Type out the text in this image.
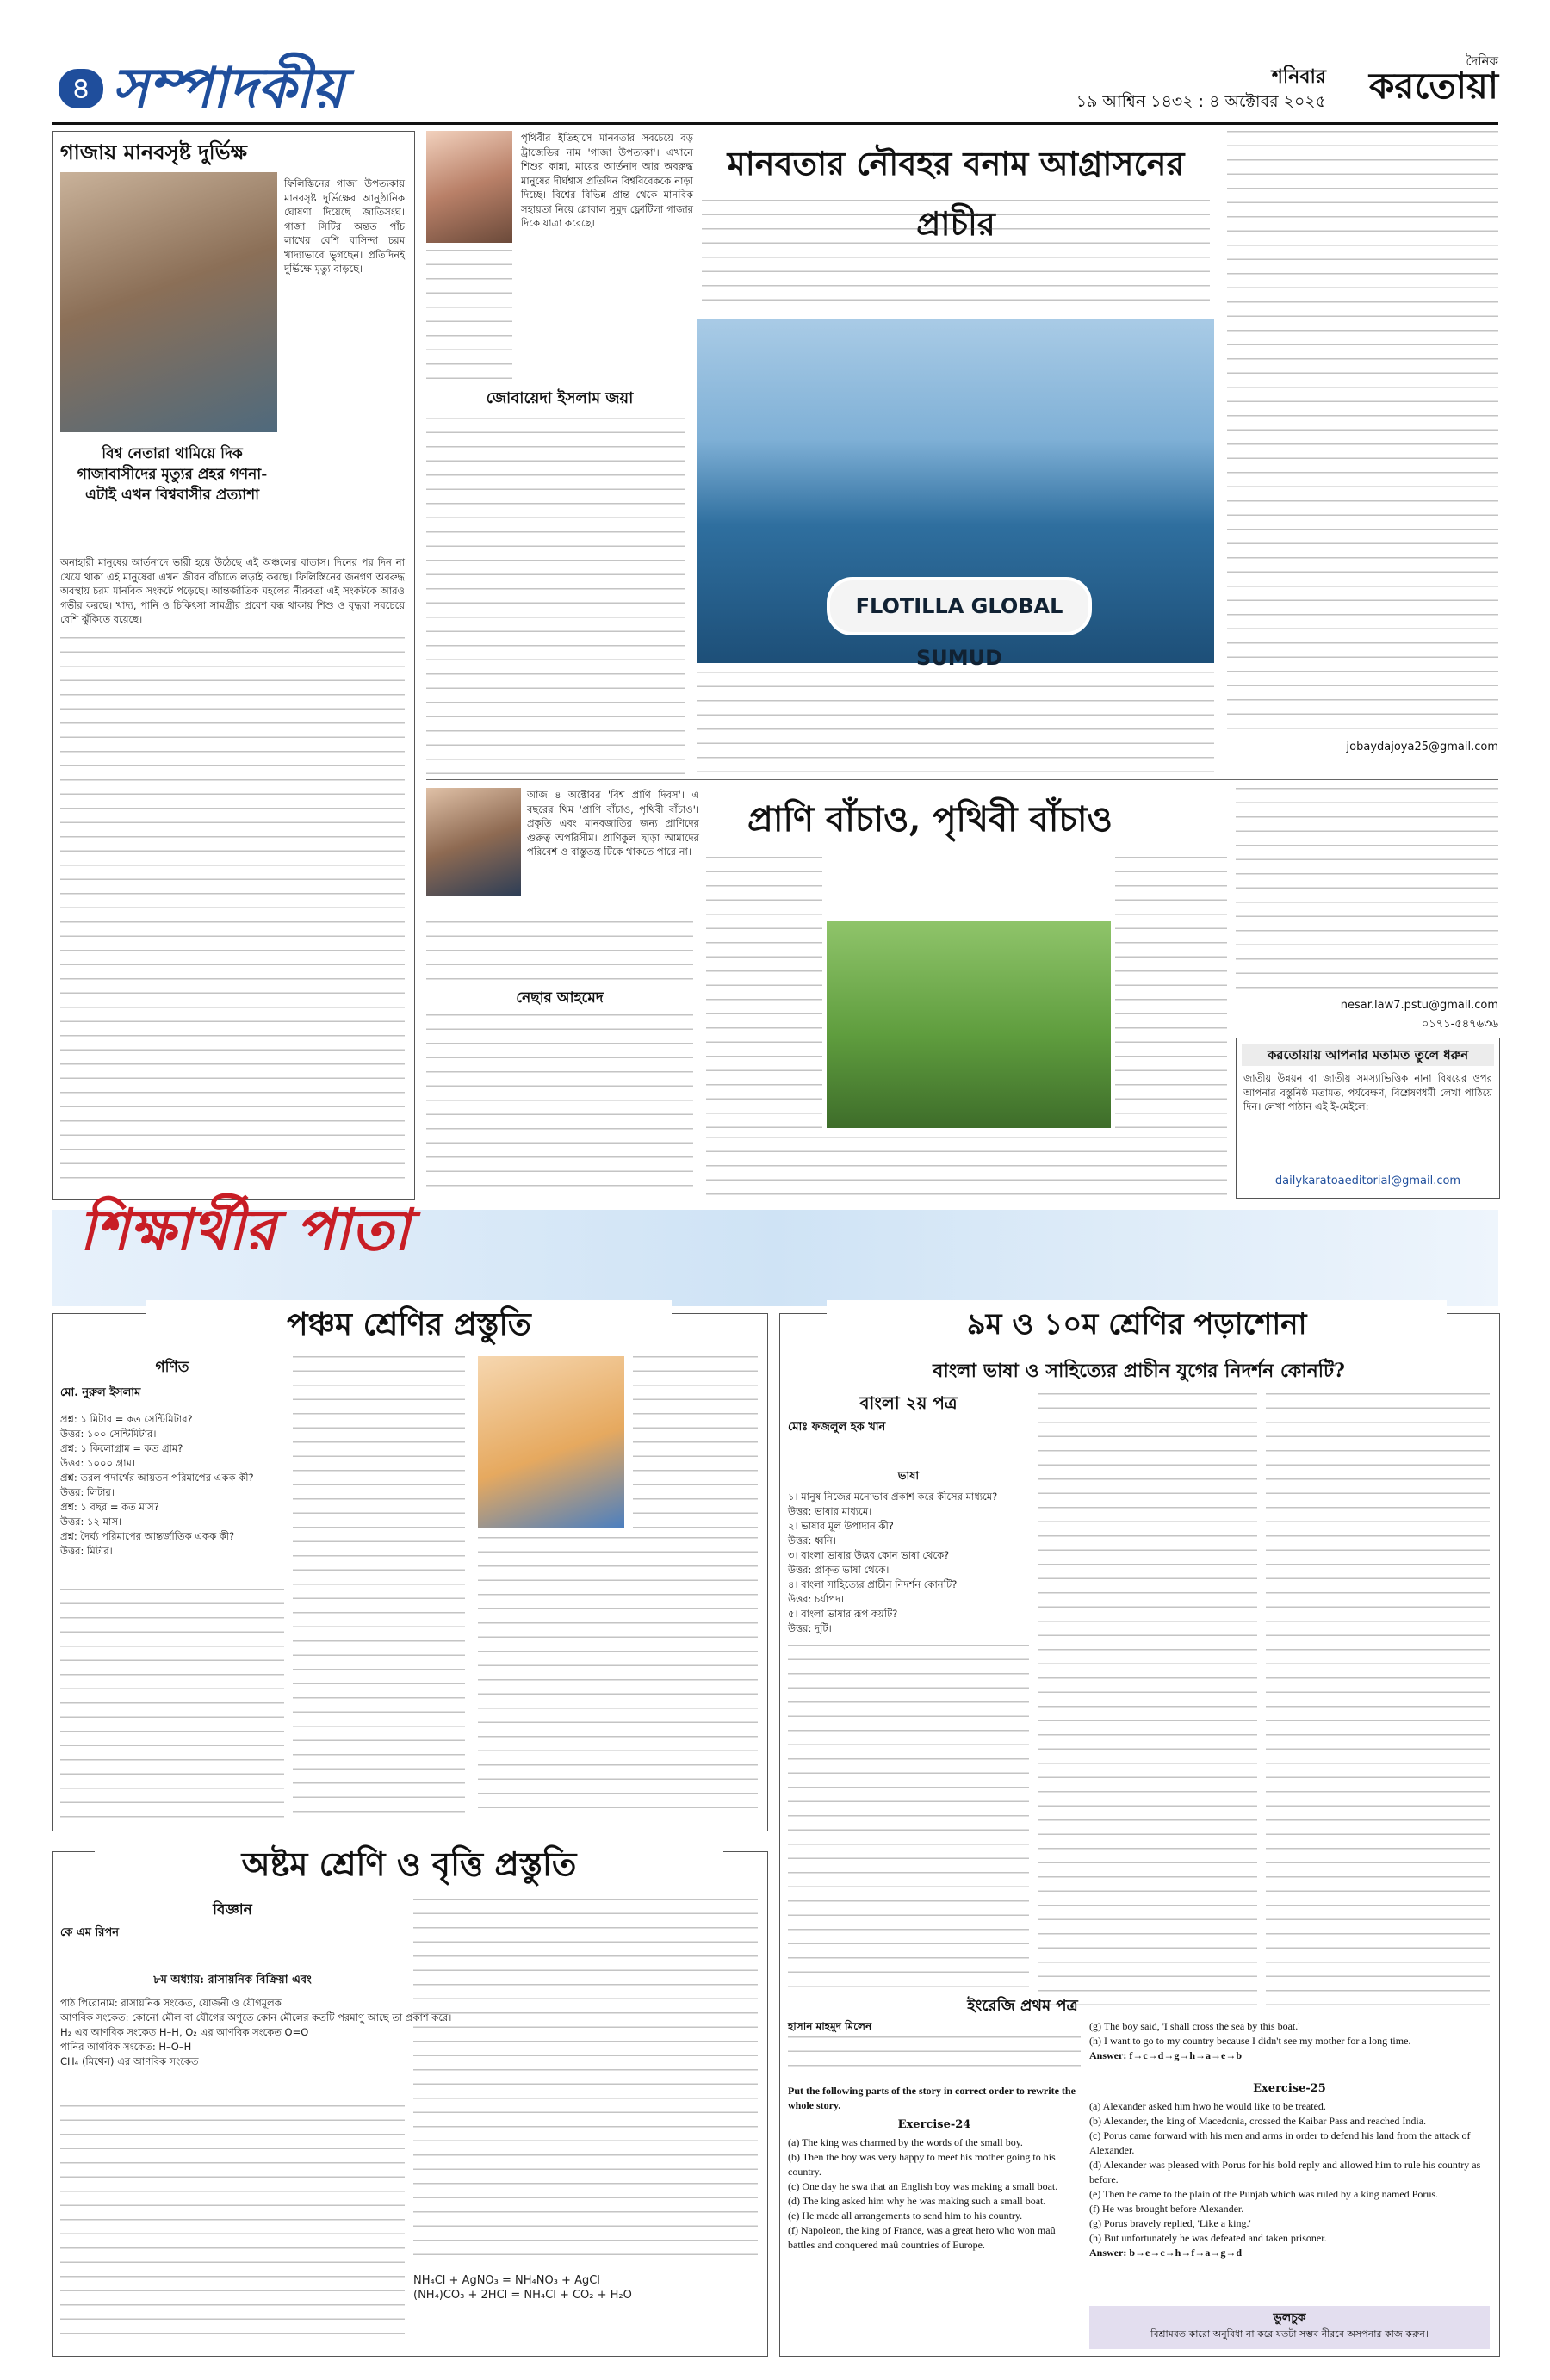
৪ সম্পাদকীয়	শনিবার
১৯ আশ্বিন ১৪৩২ : ৪ অক্টোবর ২০২৫
দৈনিক
করতোয়া
গাজায় মানবসৃষ্ট দুর্ভিক্ষ
ফিলিস্তিনের গাজা উপত্যকায় মানবসৃষ্ট দুর্ভিক্ষের আনুষ্ঠানিক ঘোষণা দিয়েছে জাতিসংঘ। গাজা সিটির অন্তত পাঁচ লাখের বেশি বাসিন্দা চরম খাদ্যাভাবে ভুগছেন। প্রতিদিনই দুর্ভিক্ষে মৃত্যু বাড়ছে।
বিশ্ব নেতারা থামিয়ে দিক গাজাবাসীদের মৃত্যুর প্রহর গণনা- এটাই এখন বিশ্ববাসীর প্রত্যাশা
অনাহারী মানুষের আর্তনাদে ভারী হয়ে উঠেছে এই অঞ্চলের বাতাস। দিনের পর দিন না খেয়ে থাকা এই মানুষেরা এখন জীবন বাঁচাতে লড়াই করছে। ফিলিস্তিনের জনগণ অবরুদ্ধ অবস্থায় চরম মানবিক সংকটে পড়েছে। আন্তর্জাতিক মহলের নীরবতা এই সংকটকে আরও গভীর করছে। খাদ্য, পানি ও চিকিৎসা সামগ্রীর প্রবেশ বন্ধ থাকায় শিশু ও বৃদ্ধরা সবচেয়ে বেশি ঝুঁকিতে রয়েছে।
পৃথিবীর ইতিহাসে মানবতার সবচেয়ে বড় ট্রাজেডির নাম 'গাজা উপত্যকা'। এখানে শিশুর কান্না, মায়ের আর্তনাদ আর অবরুদ্ধ মানুষের দীর্ঘশ্বাস প্রতিদিন বিশ্ববিবেককে নাড়া দিচ্ছে। বিশ্বের বিভিন্ন প্রান্ত থেকে মানবিক সহায়তা নিয়ে গ্লোবাল সুমুদ ফ্লোটিলা গাজার দিকে যাত্রা করেছে।
মানবতার নৌবহর বনাম আগ্রাসনের প্রাচীর
জোবায়েদা ইসলাম জয়া
FLOTILLA GLOBAL SUMUD
jobaydajoya25@gmail.com
আজ ৪ অক্টোবর 'বিশ্ব প্রাণি দিবস'। এ বছরের থিম 'প্রাণি বাঁচাও, পৃথিবী বাঁচাও'। প্রকৃতি এবং মানবজাতির জন্য প্রাণিদের গুরুত্ব অপরিসীম। প্রাণিকুল ছাড়া আমাদের পরিবেশ ও বাস্তুতন্ত্র টিকে থাকতে পারে না।
প্রাণি বাঁচাও, পৃথিবী বাঁচাও
নেছার আহমেদ	nesar.law7.pstu@gmail.com
০১৭১-৫৪৭৬৩৬
করতোয়ায় আপনার মতামত তুলে ধরুন
জাতীয় উন্নয়ন বা জাতীয় সমস্যাভিত্তিক নানা বিষয়ের ওপর আপনার বস্তুনিষ্ঠ মতামত, পর্যবেক্ষণ, বিশ্লেষণধর্মী লেখা পাঠিয়ে দিন। লেখা পাঠান এই ই-মেইলে:
dailykaratoaeditorial@gmail.com
শিক্ষার্থীর পাতা
পঞ্চম শ্রেণির প্রস্তুতি
গণিত
মো. নুরুল ইসলাম
প্রশ্ন: ১ মিটার = কত সেন্টিমিটার?
উত্তর: ১০০ সেন্টিমিটার।
প্রশ্ন: ১ কিলোগ্রাম = কত গ্রাম?
উত্তর: ১০০০ গ্রাম।
প্রশ্ন: তরল পদার্থের আয়তন পরিমাপের একক কী?
উত্তর: লিটার।
প্রশ্ন: ১ বছর = কত মাস?
উত্তর: ১২ মাস।
প্রশ্ন: দৈর্ঘ্য পরিমাপের আন্তর্জাতিক একক কী?
উত্তর: মিটার।
অষ্টম শ্রেণি ও বৃত্তি প্রস্তুতি
বিজ্ঞান
কে এম রিপন
৮ম অধ্যায়: রাসায়নিক বিক্রিয়া এবং
পাঠ পিরোনাম: রাসায়নিক সংকেত, যোজনী ও যৌগমূলক
আণবিক সংকেত: কোনো মৌল বা যৌগের অণুতে কোন মৌলের কতটি পরমাণু আছে তা প্রকাশ করে।
H₂ এর আণবিক সংকেত H–H, O₂ এর আণবিক সংকেত O=O
পানির আণবিক সংকেত: H–O–H
CH₄ (মিথেন) এর আণবিক সংকেত
NH₄Cl + AgNO₃ = NH₄NO₃ + AgCl
(NH₄)CO₃ + 2HCl = NH₄Cl + CO₂ + H₂O
৯ম ও ১০ম শ্রেণির পড়াশোনা
বাংলা ভাষা ও সাহিত্যের প্রাচীন যুগের নিদর্শন কোনটি?
বাংলা ২য় পত্র
মোঃ ফজলুল হক খান
ভাষা
১। মানুষ নিজের মনোভাব প্রকাশ করে কীসের মাধ্যমে?
উত্তর: ভাষার মাধ্যমে।
২। ভাষার মূল উপাদান কী?
উত্তর: ধ্বনি।
৩। বাংলা ভাষার উদ্ভব কোন ভাষা থেকে?
উত্তর: প্রাকৃত ভাষা থেকে।
৪। বাংলা সাহিত্যের প্রাচীন নিদর্শন কোনটি?
উত্তর: চর্যাপদ।
৫। বাংলা ভাষার রূপ কয়টি?
উত্তর: দুটি।
ইংরেজি প্রথম পত্র
হাসান মাহমুদ মিলেন
Put the following parts of the story in correct order to rewrite the whole story.
Exercise-24
(a) The king was charmed by the words of the small boy.
(b) Then the boy was very happy to meet his mother going to his country.
(c) One day he swa that an English boy was making a small boat.
(d) The king asked him why he was making such a small boat.
(e) He made all arrangements to send him to his country.
(f) Napoleon, the king of France, was a great hero who won maû battles and conquered maû countries of Europe.
(g) The boy said, 'I shall cross the sea by this boat.'
(h) I want to go to my country because I didn't see my mother for a long time.
Answer: f→c→d→g→h→a→e→b
Exercise-25
(a) Alexander asked him hwo he would like to be treated.
(b) Alexander, the king of Macedonia, crossed the Kaibar Pass and reached India.
(c) Porus came forward with his men and arms in order to defend his land from the attack of Alexander.
(d) Alexander was pleased with Porus for his bold reply and allowed him to rule his country as before.
(e) Then he came to the plain of the Punjab which was ruled by a king named Porus.
(f) He was brought before Alexander.
(g) Porus bravely replied, 'Like a king.'
(h) But unfortunately he was defeated and taken prisoner.
Answer: b→e→c→h→f→a→g→d
ভুলচুক
বিশ্রামরত কারো অনুবিধা না করে যতটা সম্ভব নীরবে অসপনার কাজ করুন।
